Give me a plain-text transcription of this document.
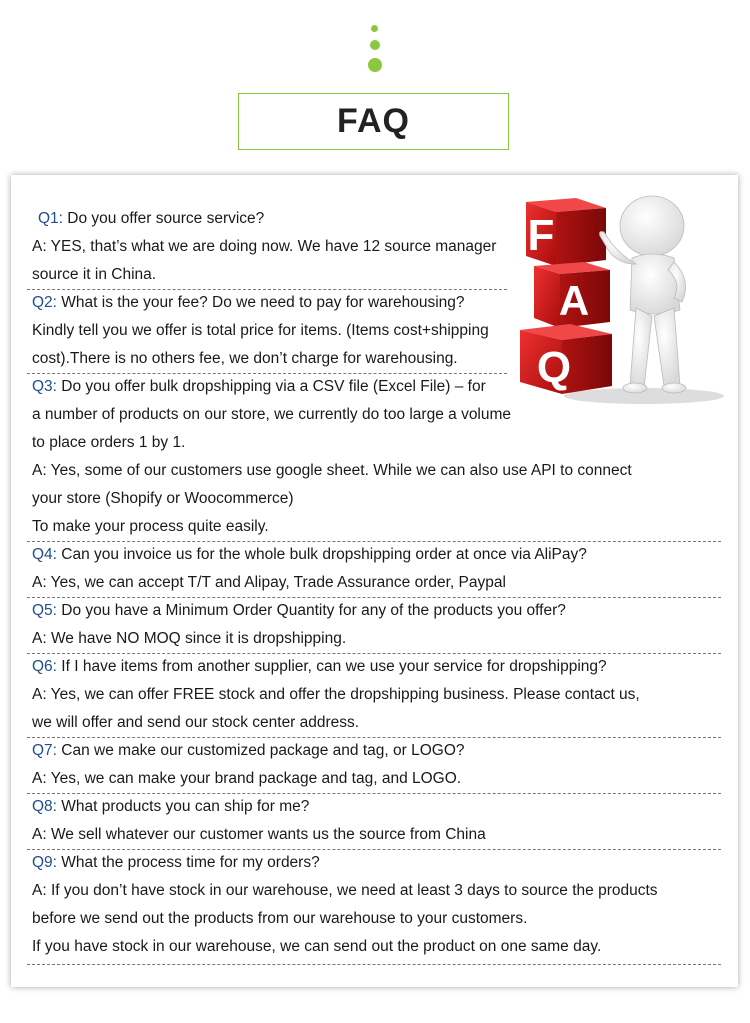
FAQ
F
A
Q
Q1: Do you offer source service?
A: YES, that’s what we are doing now. We have 12 source manager
source it in China.
Q2: What is the your fee? Do we need to pay for warehousing?
Kindly tell you we offer is total price for items. (Items cost+shipping
cost).There is no others fee, we don’t charge for warehousing.
Q3: Do you offer bulk dropshipping via a CSV file (Excel File) – for
a number of products on our store, we currently do too large a volume
to place orders 1 by 1.
A: Yes, some of our customers use google sheet. While we can also use API to connect
your store (Shopify or Woocommerce)
To make your process quite easily.
Q4: Can you invoice us for the whole bulk dropshipping order at once via AliPay?
A: Yes, we can accept T/T and Alipay, Trade Assurance order, Paypal
Q5: Do you have a Minimum Order Quantity for any of the products you offer?
A: We have NO MOQ since it is dropshipping.
Q6: If I have items from another supplier, can we use your service for dropshipping?
A: Yes, we can offer FREE stock and offer the dropshipping business. Please contact us,
we will offer and send our stock center address.
Q7: Can we make our customized package and tag, or LOGO?
A: Yes, we can make your brand package and tag, and LOGO.
Q8: What products you can ship for me?
A: We sell whatever our customer wants us the source from China
Q9: What the process time for my orders?
A: If you don’t have stock in our warehouse, we need at least 3 days to source the products
before we send out the products from our warehouse to your customers.
If you have stock in our warehouse, we can send out the product on one same day.
